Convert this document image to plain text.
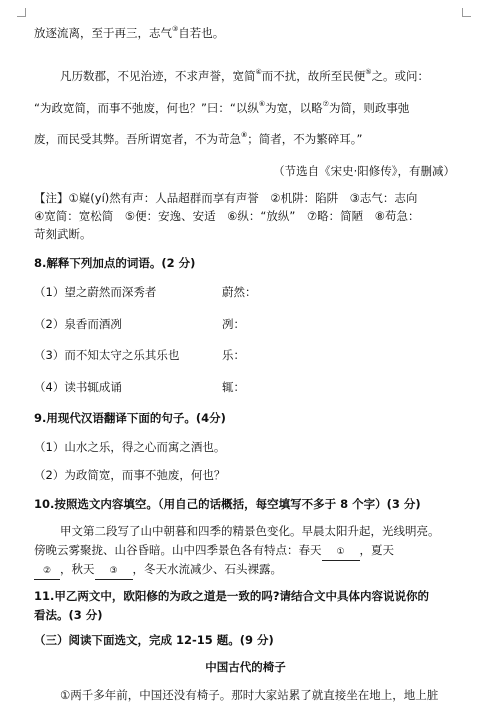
放逐流离，至于再三，志气③自若也。
凡历数郡，不见治迹，不求声誉，宽简④而不扰，故所至民便⑤之。或问：
“为政宽简，而事不弛废，何也？”曰：“以纵⑥为宽，以略⑦为简，则政事弛
废，而民受其弊。吾所谓宽者，不为苛急⑧；简者，不为繁碎耳。”
（节选自《宋史·阳修传》，有删减）
【注】①嶷(yí)然有声：人品超群而享有声誉　②机阱：陷阱　③志气：志向
④宽简：宽松简　⑤便：安逸、安适　⑥纵：“放纵”　⑦略：简陋　⑧苟急：
苛刻武断。
8.解释下列加点的词语。(2 分)
（1）望之蔚然而深秀者	蔚然：
（2）泉香而酒冽	冽：
（3）而不知太守之乐其乐也	乐：
（4）读书辄成诵	辄：
9.用现代汉语翻译下面的句子。(4分)
（1）山水之乐，得之心而寓之酒也。
（2）为政简宽，而事不弛废，何也？
10.按照选文内容填空。（用自己的话概括，每空填写不多于 8 个字）(3 分)
甲文第二段写了山中朝暮和四季的精景色变化。早晨太阳升起，光线明亮。
傍晚云雾聚拢、山谷昏暗。山中四季景色各有特点：春天 ① ，夏天
② ，秋天 ③ ，冬天水流减少、石头裸露。
11.甲乙两文中，欧阳修的为政之道是一致的吗?请结合文中具体内容说说你的
看法。(3 分)
（三）阅读下面选文，完成 12-15 题。(9 分)
中国古代的椅子
①两千多年前，中国还没有椅子。那时大家站累了就直接坐在地上，地上脏
